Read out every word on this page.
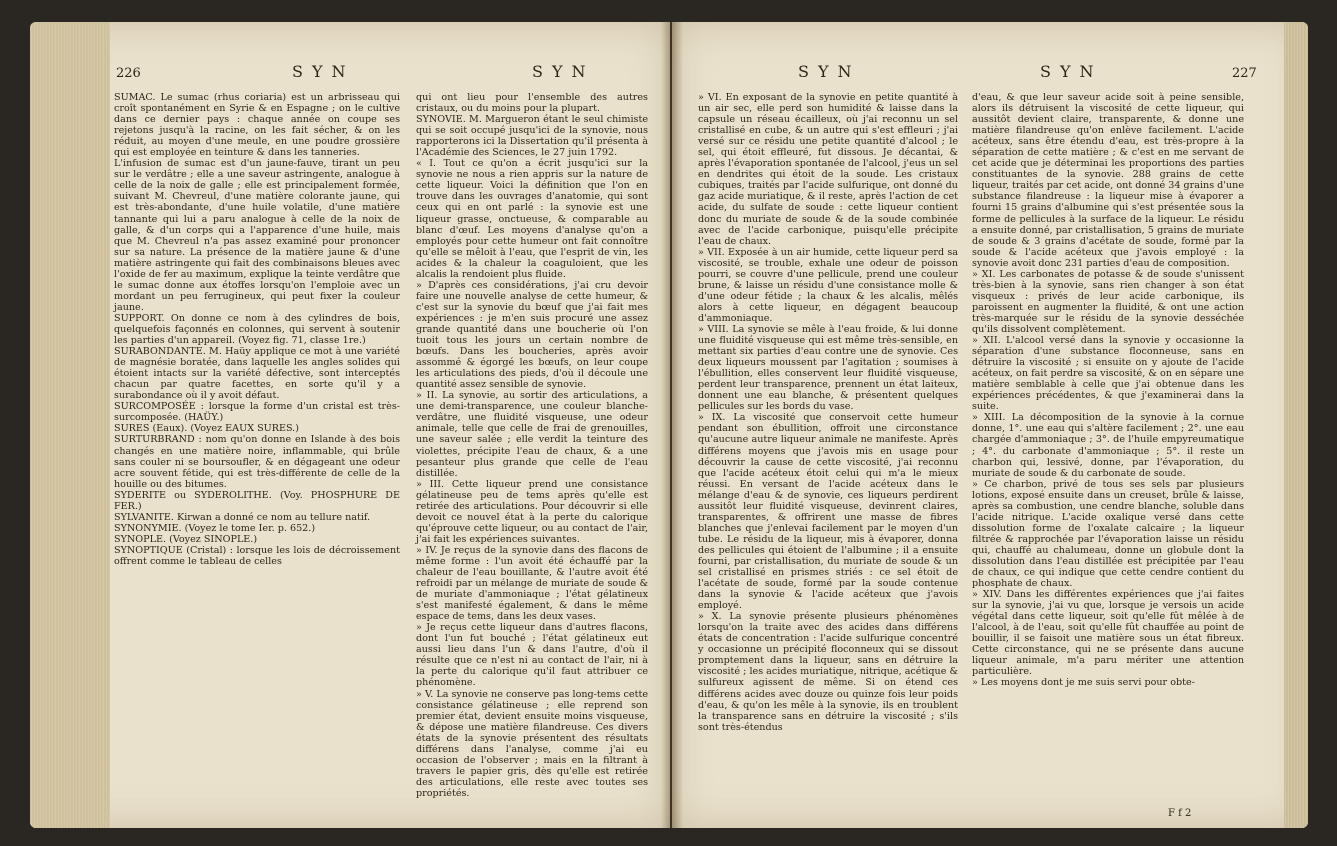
226	SYN	SYN

SUMAC. Le sumac (rhus coriaria) est un arbrisseau qui croît spontanément en Syrie & en Espagne ; on le cultive dans ce dernier pays : chaque année on coupe ses rejetons jusqu'à la racine, on les fait sécher, & on les réduit, au moyen d'une meule, en une poudre grossière qui est employée en teinture & dans les tanneries.

L'infusion de sumac est d'un jaune-fauve, tirant un peu sur le verdâtre ; elle a une saveur astringente, analogue à celle de la noix de galle ; elle est principalement formée, suivant M. Chevreul, d'une matière colorante jaune, qui est très-abondante, d'une huile volatile, d'une matière tannante qui lui a paru analogue à celle de la noix de galle, & d'un corps qui a l'apparence d'une huile, mais que M. Chevreul n'a pas assez examiné pour prononcer sur sa nature. La présence de la matière jaune & d'une matière astringente qui fait des combinaisons bleues avec l'oxide de fer au maximum, explique la teinte verdâtre que le sumac donne aux étoffes lorsqu'on l'emploie avec un mordant un peu ferrugineux, qui peut fixer la couleur jaune.

SUPPORT. On donne ce nom à des cylindres de bois, quelquefois façonnés en colonnes, qui servent à soutenir les parties d'un appareil. (Voyez fig. 71, classe 1re.)

SURABONDANTE. M. Haüy applique ce mot à une variété de magnésie boratée, dans laquelle les angles solides qui étoient intacts sur la variété défective, sont interceptés chacun par quatre facettes, en sorte qu'il y a surabondance où il y avoit défaut.

SURCOMPOSÉE : lorsque la forme d'un cristal est très-surcomposée. (HAÜY.)

SURES (Eaux). (Voyez EAUX SURES.)

SURTURBRAND : nom qu'on donne en Islande à des bois changés en une matière noire, inflammable, qui brûle sans couler ni se boursoufler, & en dégageant une odeur acre souvent fétide, qui est très-différente de celle de la houille ou des bitumes.

SYDERITE ou SYDEROLITHE. (Voy. PHOSPHURE DE FER.)

SYLVANITE. Kirwan a donné ce nom au tellure natif.

SYNONYMIE. (Voyez le tome Ier. p. 652.)

SYNOPLE. (Voyez SINOPLE.)

SYNOPTIQUE (Cristal) : lorsque les lois de décroissement offrent comme le tableau de celles

qui ont lieu pour l'ensemble des autres cristaux, ou du moins pour la plupart.

SYNOVIE. M. Margueron étant le seul chimiste qui se soit occupé jusqu'ici de la synovie, nous rapporterons ici la Dissertation qu'il présenta à l'Académie des Sciences, le 27 juin 1792.

« I. Tout ce qu'on a écrit jusqu'ici sur la synovie ne nous a rien appris sur la nature de cette liqueur. Voici la définition que l'on en trouve dans les ouvrages d'anatomie, qui sont ceux qui en ont parlé : la synovie est une liqueur grasse, onctueuse, & comparable au blanc d'œuf. Les moyens d'analyse qu'on a employés pour cette humeur ont fait connoître qu'elle se mêloit à l'eau, que l'esprit de vin, les acides & la chaleur la coaguloient, que les alcalis la rendoient plus fluide.

» D'après ces considérations, j'ai cru devoir faire une nouvelle analyse de cette humeur, & c'est sur la synovie du bœuf que j'ai fait mes expériences : je m'en suis procuré une assez grande quantité dans une boucherie où l'on tuoit tous les jours un certain nombre de bœufs. Dans les boucheries, après avoir assommé & égorgé les bœufs, on leur coupe les articulations des pieds, d'où il découle une quantité assez sensible de synovie.

» II. La synovie, au sortir des articulations, a une demi-transparence, une couleur blanche-verdâtre, une fluidité visqueuse, une odeur animale, telle que celle de frai de grenouilles, une saveur salée ; elle verdit la teinture des violettes, précipite l'eau de chaux, & a une pesanteur plus grande que celle de l'eau distillée.

» III. Cette liqueur prend une consistance gélatineuse peu de tems après qu'elle est retirée des articulations. Pour découvrir si elle devoit ce nouvel état à la perte du calorique qu'éprouve cette liqueur, ou au contact de l'air, j'ai fait les expériences suivantes.

» IV. Je reçus de la synovie dans des flacons de même forme : l'un avoit été échauffé par la chaleur de l'eau bouillante, & l'autre avoit été refroidi par un mélange de muriate de soude & de muriate d'ammoniaque ; l'état gélatineux s'est manifesté également, & dans le même espace de tems, dans les deux vases.

» Je reçus cette liqueur dans d'autres flacons, dont l'un fut bouché ; l'état gélatineux eut aussi lieu dans l'un & dans l'autre, d'où il résulte que ce n'est ni au contact de l'air, ni à la perte du calorique qu'il faut attribuer ce phénomène.

» V. La synovie ne conserve pas long-tems cette consistance gélatineuse ; elle reprend son premier état, devient ensuite moins visqueuse, & dépose une matière filandreuse. Ces divers états de la synovie présentent des résultats différens dans l'analyse, comme j'ai eu occasion de l'observer ; mais en la filtrant à travers le papier gris, dès qu'elle est retirée des articulations, elle reste avec toutes ses propriétés.

SYN	SYN	227

» VI. En exposant de la synovie en petite quantité à un air sec, elle perd son humidité & laisse dans la capsule un réseau écailleux, où j'ai reconnu un sel cristallisé en cube, & un autre qui s'est effleuri ; j'ai versé sur ce résidu une petite quantité d'alcool ; le sel, qui étoit effleuré, fut dissous. Je décantai, & après l'évaporation spontanée de l'alcool, j'eus un sel en dendrites qui étoit de la soude. Les cristaux cubiques, traités par l'acide sulfurique, ont donné du gaz acide muriatique, & il reste, après l'action de cet acide, du sulfate de soude : cette liqueur contient donc du muriate de soude & de la soude combinée avec de l'acide carbonique, puisqu'elle précipite l'eau de chaux.

» VII. Exposée à un air humide, cette liqueur perd sa viscosité, se trouble, exhale une odeur de poisson pourri, se couvre d'une pellicule, prend une couleur brune, & laisse un résidu d'une consistance molle & d'une odeur fétide ; la chaux & les alcalis, mêlés alors à cette liqueur, en dégagent beaucoup d'ammoniaque.

» VIII. La synovie se mêle à l'eau froide, & lui donne une fluidité visqueuse qui est même très-sensible, en mettant six parties d'eau contre une de synovie. Ces deux liqueurs moussent par l'agitation ; soumises à l'ébullition, elles conservent leur fluidité visqueuse, perdent leur transparence, prennent un état laiteux, donnent une eau blanche, & présentent quelques pellicules sur les bords du vase.

» IX. La viscosité que conservoit cette humeur pendant son ébullition, offroit une circonstance qu'aucune autre liqueur animale ne manifeste. Après différens moyens que j'avois mis en usage pour découvrir la cause de cette viscosité, j'ai reconnu que l'acide acéteux étoit celui qui m'a le mieux réussi. En versant de l'acide acéteux dans le mélange d'eau & de synovie, ces liqueurs perdirent aussitôt leur fluidité visqueuse, devinrent claires, transparentes, & offrirent une masse de fibres blanches que j'enlevai facilement par le moyen d'un tube. Le résidu de la liqueur, mis à évaporer, donna des pellicules qui étoient de l'albumine ; il a ensuite fourni, par cristallisation, du muriate de soude & un sel cristallisé en prismes striés : ce sel étoit de l'acétate de soude, formé par la soude contenue dans la synovie & l'acide acéteux que j'avois employé.

» X. La synovie présente plusieurs phénomènes lorsqu'on la traite avec des acides dans différens états de concentration : l'acide sulfurique concentré y occasionne un précipité floconneux qui se dissout promptement dans la liqueur, sans en détruire la viscosité ; les acides muriatique, nitrique, acétique & sulfureux agissent de même. Si on étend ces différens acides avec douze ou quinze fois leur poids d'eau, & qu'on les mêle à la synovie, ils en troublent la transparence sans en détruire la viscosité ; s'ils sont très-étendus

d'eau, & que leur saveur acide soit à peine sensible, alors ils détruisent la viscosité de cette liqueur, qui aussitôt devient claire, transparente, & donne une matière filandreuse qu'on enlève facilement. L'acide acéteux, sans être étendu d'eau, est très-propre à la séparation de cette matière ; & c'est en me servant de cet acide que je déterminai les proportions des parties constituantes de la synovie. 288 grains de cette liqueur, traités par cet acide, ont donné 34 grains d'une substance filandreuse : la liqueur mise à évaporer a fourni 15 grains d'albumine qui s'est présentée sous la forme de pellicules à la surface de la liqueur. Le résidu a ensuite donné, par cristallisation, 5 grains de muriate de soude & 3 grains d'acétate de soude, formé par la soude & l'acide acéteux que j'avois employé : la synovie avoit donc 231 parties d'eau de composition.

» XI. Les carbonates de potasse & de soude s'unissent très-bien à la synovie, sans rien changer à son état visqueux : privés de leur acide carbonique, ils paroissent en augmenter la fluidité, & ont une action très-marquée sur le résidu de la synovie desséchée qu'ils dissolvent complètement.

» XII. L'alcool versé dans la synovie y occasionne la séparation d'une substance floconneuse, sans en détruire la viscosité ; si ensuite on y ajoute de l'acide acéteux, on fait perdre sa viscosité, & on en sépare une matière semblable à celle que j'ai obtenue dans les expériences précédentes, & que j'examinerai dans la suite.

» XIII. La décomposition de la synovie à la cornue donne, 1°. une eau qui s'altère facilement ; 2°. une eau chargée d'ammoniaque ; 3°. de l'huile empyreumatique ; 4°. du carbonate d'ammoniaque ; 5°. il reste un charbon qui, lessivé, donne, par l'évaporation, du muriate de soude & du carbonate de soude.

» Ce charbon, privé de tous ses sels par plusieurs lotions, exposé ensuite dans un creuset, brûle & laisse, après sa combustion, une cendre blanche, soluble dans l'acide nitrique. L'acide oxalique versé dans cette dissolution forme de l'oxalate calcaire ; la liqueur filtrée & rapprochée par l'évaporation laisse un résidu qui, chauffé au chalumeau, donne un globule dont la dissolution dans l'eau distillée est précipitée par l'eau de chaux, ce qui indique que cette cendre contient du phosphate de chaux.

» XIV. Dans les différentes expériences que j'ai faites sur la synovie, j'ai vu que, lorsque je versois un acide végétal dans cette liqueur, soit qu'elle fût mêlée à de l'alcool, à de l'eau, soit qu'elle fût chauffée au point de bouillir, il se faisoit une matière sous un état fibreux. Cette circonstance, qui ne se présente dans aucune liqueur animale, m'a paru mériter une attention particulière.

» Les moyens dont je me suis servi pour obte-

F f 2
